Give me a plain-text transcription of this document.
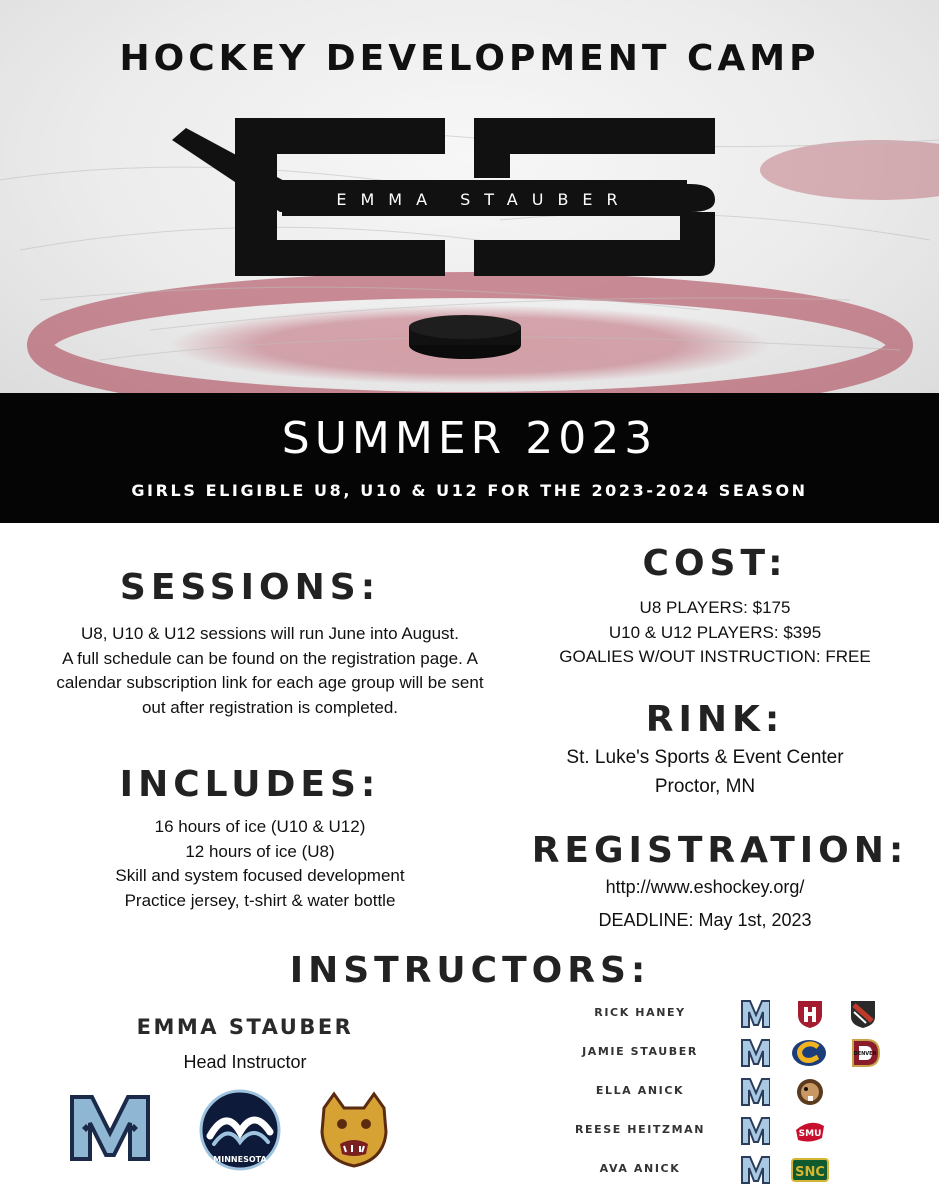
HOCKEY DEVELOPMENT CAMP
EMMA STAUBER
SUMMER 2023
GIRLS ELIGIBLE U8, U10 & U12 FOR THE 2023-2024 SEASON
SESSIONS:
U8, U10 & U12 sessions will run June into August.
A full schedule can be found on the registration page. A
calendar subscription link for each age group will be sent
out after registration is completed.
INCLUDES:
16 hours of ice (U10 & U12)
12 hours of ice (U8)
Skill and system focused development
Practice jersey, t-shirt & water bottle
COST:
U8 PLAYERS: $175
U10 & U12 PLAYERS: $395
GOALIES W/OUT INSTRUCTION: FREE
RINK:
St. Luke's Sports & Event Center
Proctor, MN
REGISTRATION:
http://www.eshockey.org/
DEADLINE: May 1st, 2023
INSTRUCTORS:
EMMA STAUBER
Head Instructor
MINNESOTA
RICK HANEY
JAMIE STAUBER	DENVER
ELLA ANICK
REESE HEITZMAN	SMU
AVA ANICK	SNC
